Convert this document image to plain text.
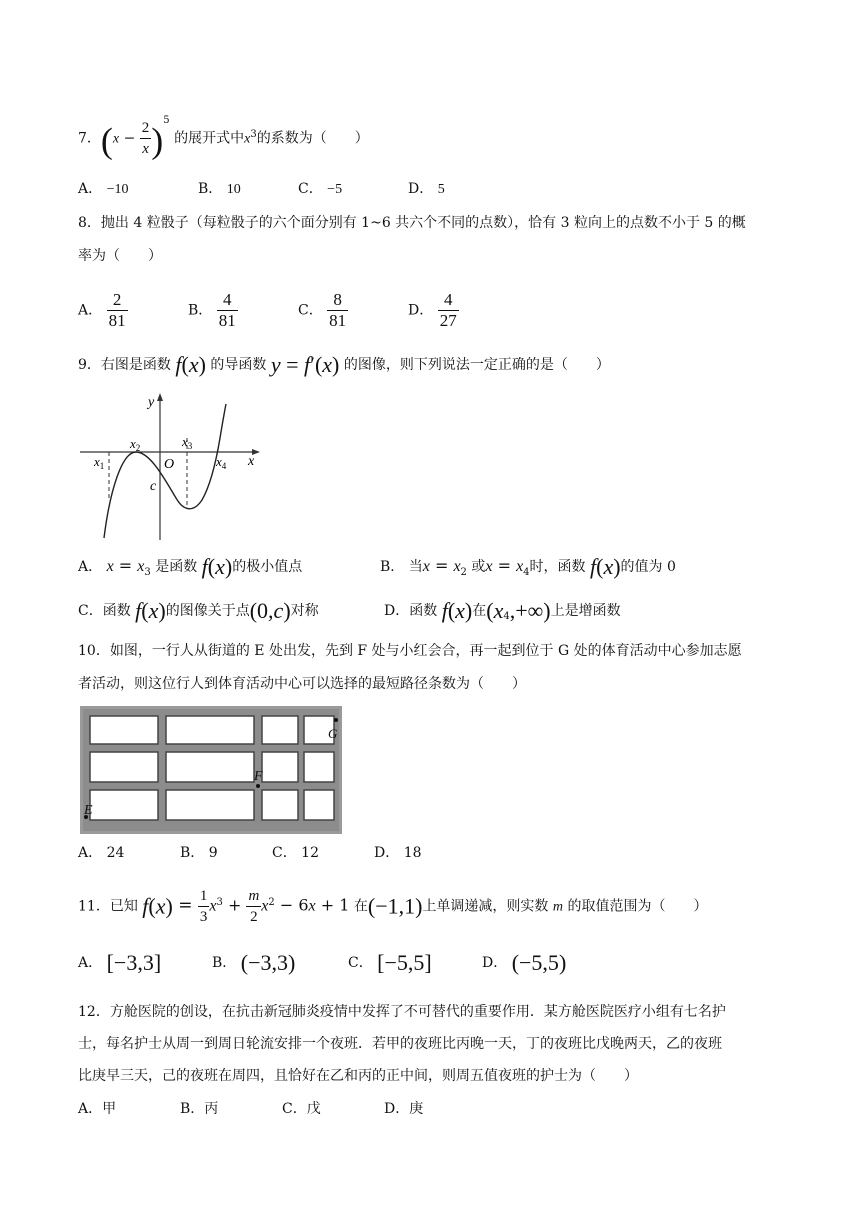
7．$(x - \frac{2}{x} )^5$ 的展开式中$x^3$的系数为（　　）
A． −10	B． 10	C． −5	D． 5
8．抛出 4 粒骰子（每粒骰子的六个面分别有 1~6 共六个不同的点数），恰有 3 粒向上的点数不小于 5 的概
率为（　　）
A． $\frac{2}{81}$	B． $\frac{4}{81}$	C． $\frac{8}{81}$	D． $\frac{4}{27}$
9．右图是函数 f(x) 的导函数 y = f′(x) 的图像，则下列说法一定正确的是（　　）
y
x
O
c
$x_1$
$x_2$	$x_3$
$x_4$
A． $x = x_3$ 是函数 f(x)的极小值点	B． 当$x = x_2$ 或$x = x_4$时，函数 f(x)的值为 0
C．函数 f(x)的图像关于点(0,c)对称	D．函数 f(x)在$(x_4,+\infty)$上是增函数
10．如图，一行人从街道的 E 处出发，先到 F 处与小红会合，再一起到位于 G 处的体育活动中心参加志愿
者活动，则这位行人到体育活动中心可以选择的最短路径条数为（　　）
E
F
G
A． 24	B． 9	C． 12	D． 18
11．已知 $f(x) = \frac{1}{3} x^3 + \frac{m}{2} x^2 - 6x + 1$ 在(−1,1)上单调递减，则实数 m 的取值范围为（　　）
A． [−3,3]	B． (−3,3)	C． [−5,5]	D． (−5,5)
12．方舱医院的创设，在抗击新冠肺炎疫情中发挥了不可替代的重要作用．某方舱医院医疗小组有七名护
士，每名护士从周一到周日轮流安排一个夜班．若甲的夜班比丙晚一天，丁的夜班比戊晚两天，乙的夜班
比庚早三天，己的夜班在周四，且恰好在乙和丙的正中间，则周五值夜班的护士为（　　）
A．甲	B．丙	C．戊	D．庚
